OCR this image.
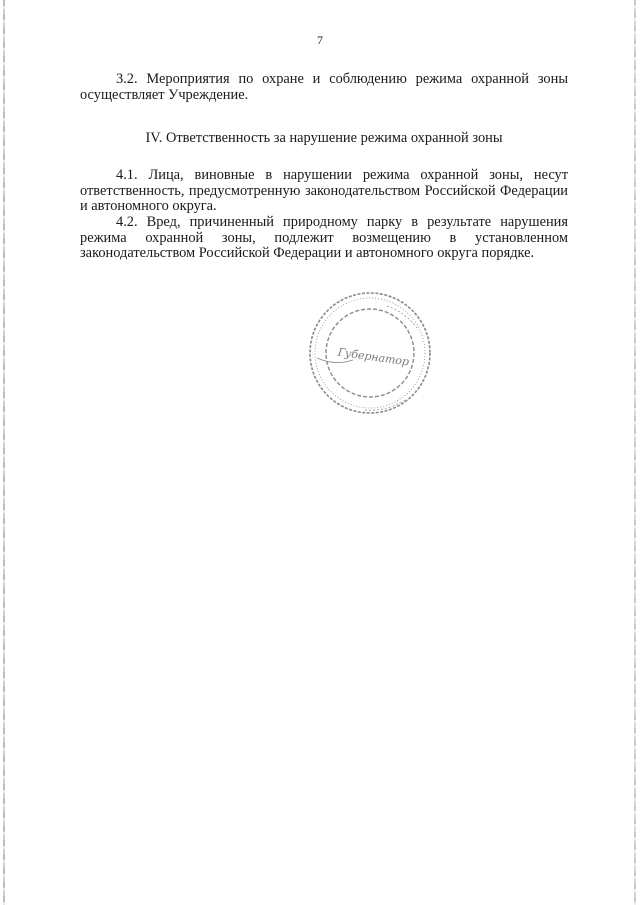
7

3.2. Мероприятия по охране и соблюдению режима охранной зоны осуществляет Учреждение.

IV. Ответственность за нарушение режима охранной зоны

4.1. Лица, виновные в нарушении режима охранной зоны, несут ответственность, предусмотренную законодательством Российской Федерации и автономного округа.

4.2. Вред, причиненный природному парку в результате нарушения режима охранной зоны, подлежит возмещению в установленном законодательством Российской Федерации и автономного округа порядке.

Губернатор
